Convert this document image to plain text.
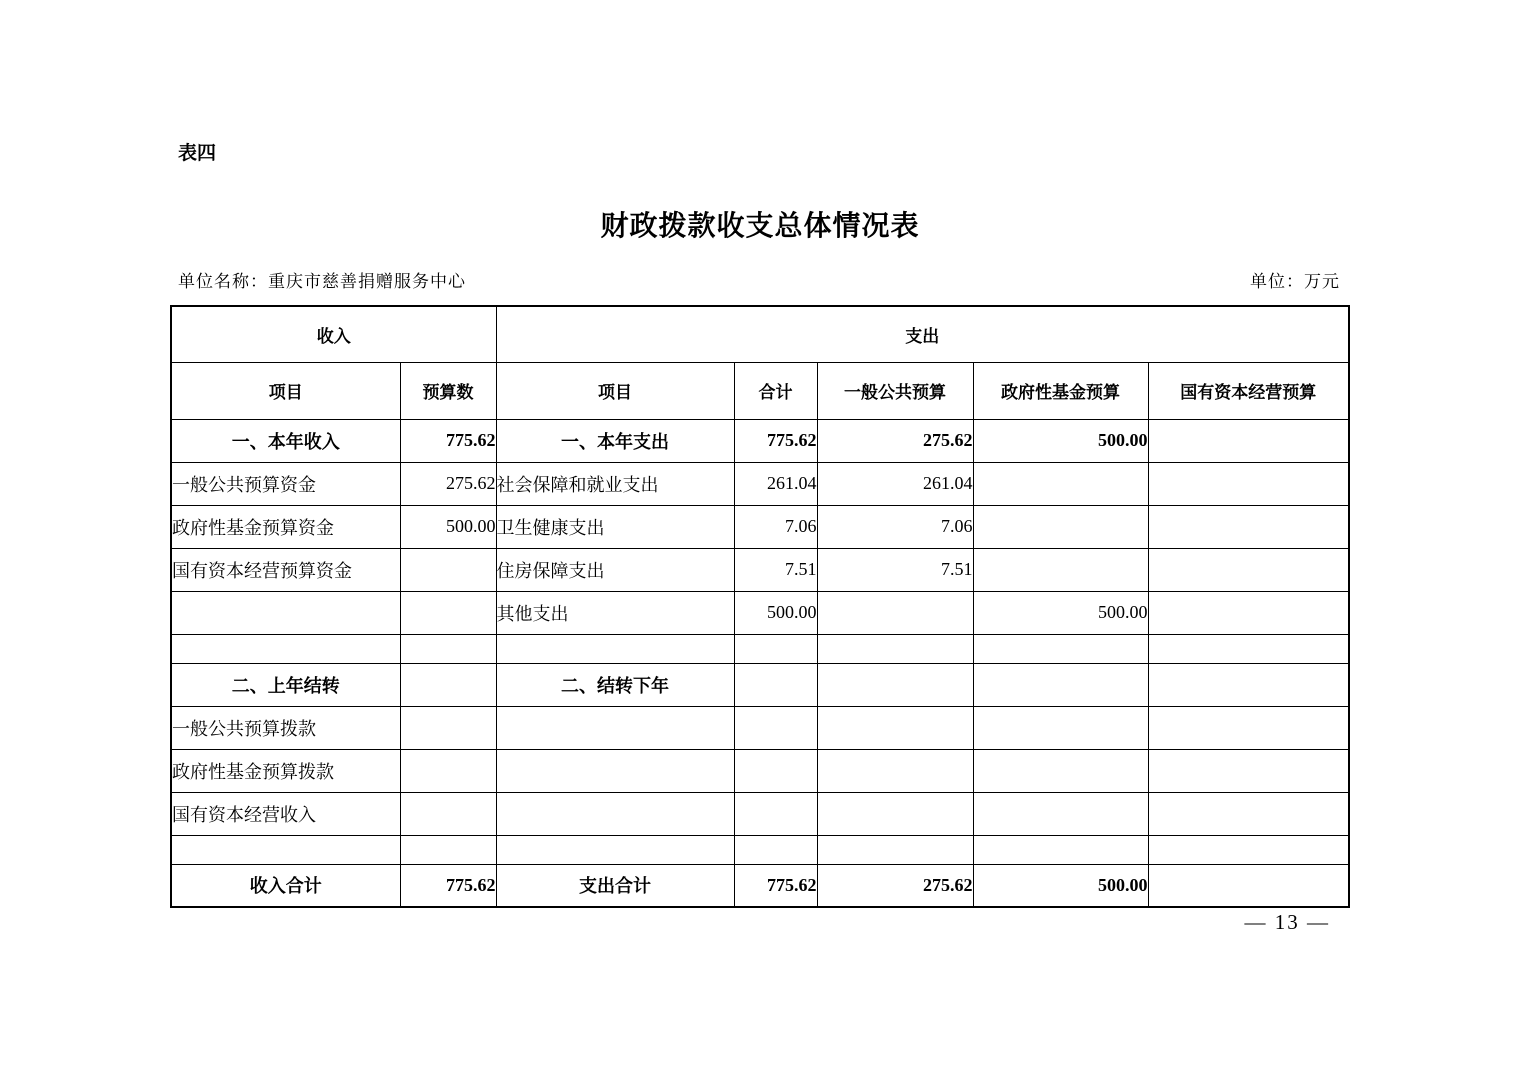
表四
财政拨款收支总体情况表
单位名称：重庆市慈善捐赠服务中心	单位：万元
收入		支出				
项目	预算数	项目	合计	一般公共预算	政府性基金预算	国有资本经营预算
一、本年收入	775.62	一、本年支出	775.62	275.62	500.00	
一般公共预算资金	275.62	社会保障和就业支出	261.04	261.04		
政府性基金预算资金	500.00	卫生健康支出	7.06	7.06		
国有资本经营预算资金		住房保障支出	7.51	7.51		
		其他支出	500.00		500.00	

二、上年结转		二、结转下年				
一般公共预算拨款						
政府性基金预算拨款						
国有资本经营收入						

收入合计	775.62	支出合计	775.62	275.62	500.00	
— 13 —
